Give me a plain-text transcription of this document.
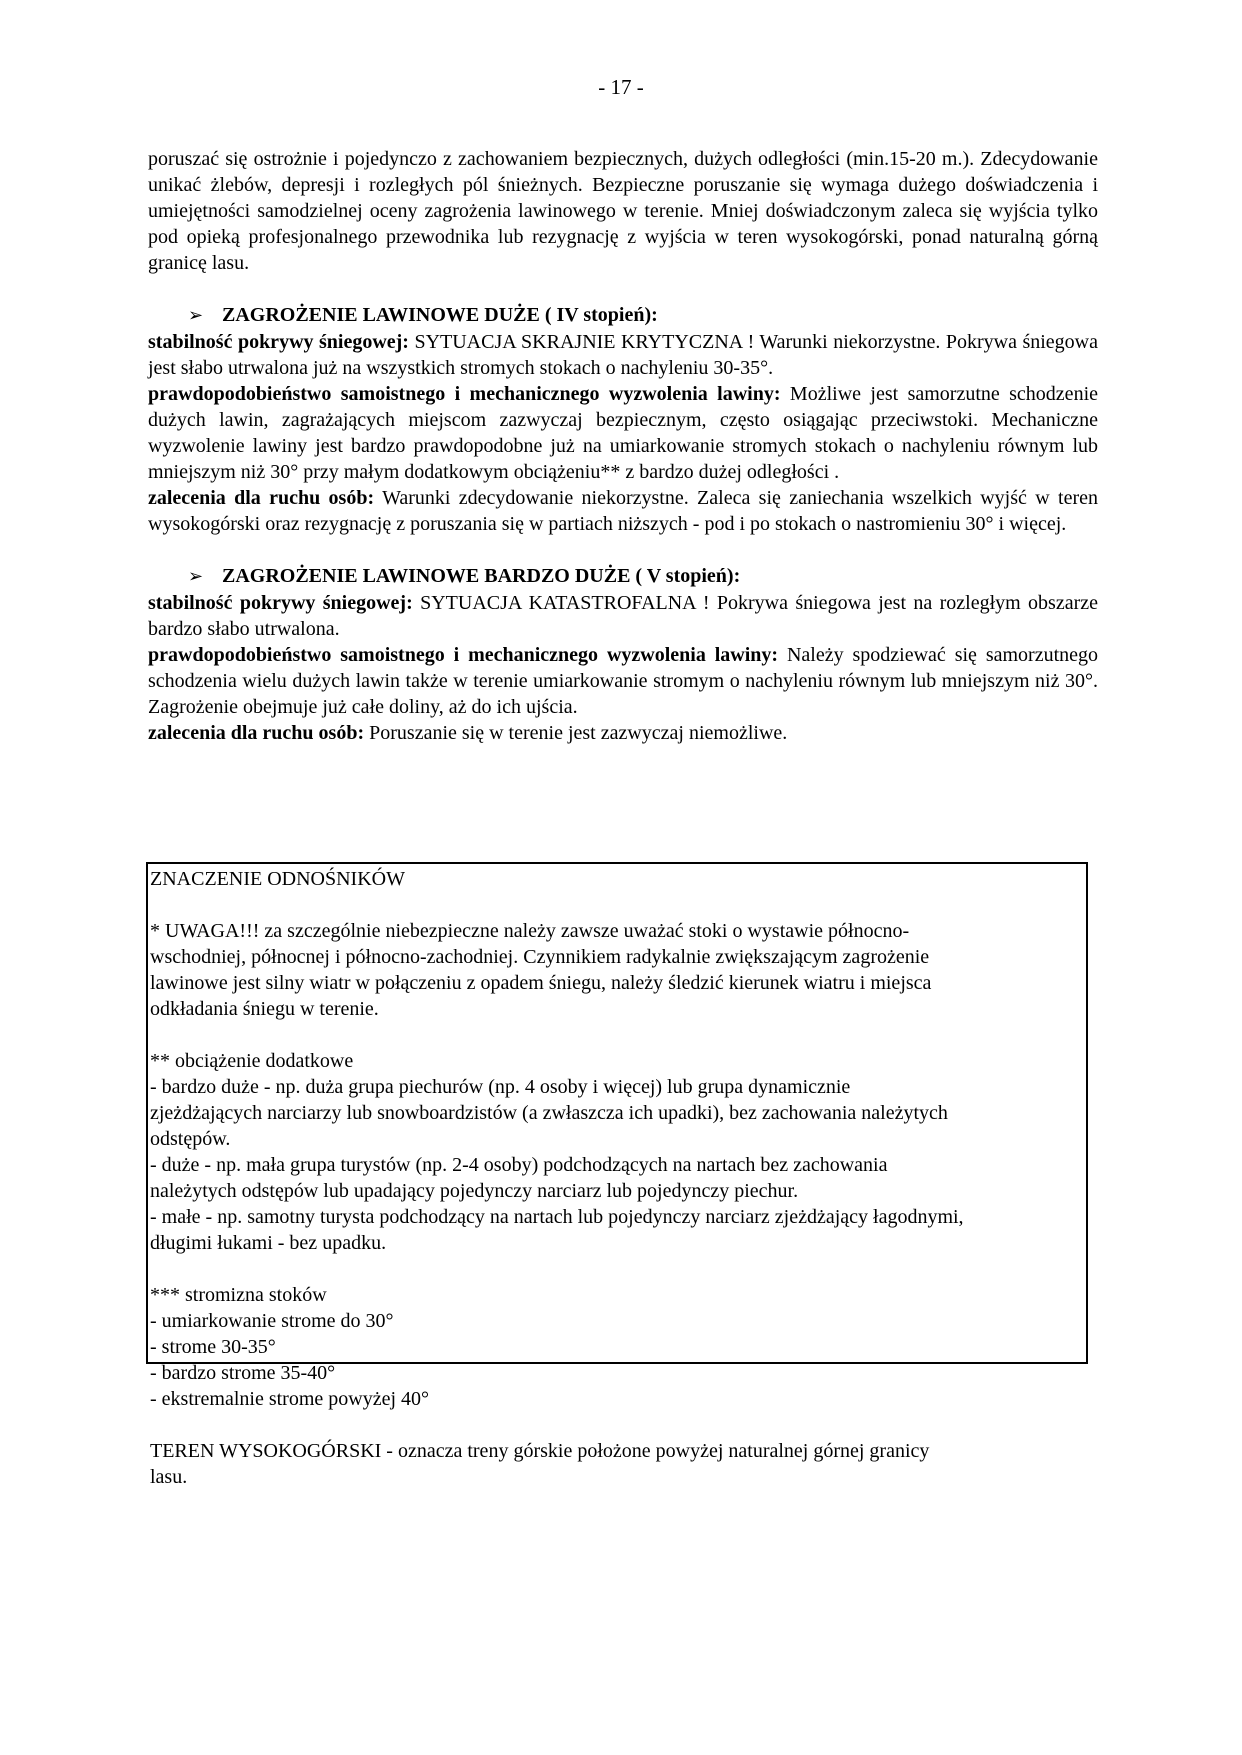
- 17 -

poruszać się ostrożnie i pojedynczo z zachowaniem bezpiecznych, dużych odległości (min.15-20 m.). Zdecydowanie unikać żlebów, depresji i rozległych pól śnieżnych. Bezpieczne poruszanie się wymaga dużego doświadczenia i umiejętności samodzielnej oceny zagrożenia lawinowego w terenie. Mniej doświadczonym zaleca się wyjścia tylko pod opieką profesjonalnego przewodnika lub rezygnację z wyjścia w teren wysokogórski, ponad naturalną górną granicę lasu.

➢ ZAGROŻENIE LAWINOWE DUŻE ( IV stopień):

stabilność pokrywy śniegowej: SYTUACJA SKRAJNIE KRYTYCZNA ! Warunki niekorzystne. Pokrywa śniegowa jest słabo utrwalona już na wszystkich stromych stokach o nachyleniu 30-35°.

prawdopodobieństwo samoistnego i mechanicznego wyzwolenia lawiny: Możliwe jest samorzutne schodzenie dużych lawin, zagrażających miejscom zazwyczaj bezpiecznym, często osiągając przeciwstoki. Mechaniczne wyzwolenie lawiny jest bardzo prawdopodobne już na umiarkowanie stromych stokach o nachyleniu równym lub mniejszym niż 30° przy małym dodatkowym obciążeniu** z bardzo dużej odległości .

zalecenia dla ruchu osób: Warunki zdecydowanie niekorzystne. Zaleca się zaniechania wszelkich wyjść w teren wysokogórski oraz rezygnację z poruszania się w partiach niższych - pod i po stokach o nastromieniu 30° i więcej.

➢ ZAGROŻENIE LAWINOWE BARDZO DUŻE ( V stopień):

stabilność pokrywy śniegowej: SYTUACJA KATASTROFALNA ! Pokrywa śniegowa jest na rozległym obszarze bardzo słabo utrwalona.

prawdopodobieństwo samoistnego i mechanicznego wyzwolenia lawiny: Należy spodziewać się samorzutnego schodzenia wielu dużych lawin także w terenie umiarkowanie stromym o nachyleniu równym lub mniejszym niż 30°. Zagrożenie obejmuje już całe doliny, aż do ich ujścia.

zalecenia dla ruchu osób: Poruszanie się w terenie jest zazwyczaj niemożliwe.

ZNACZENIE ODNOŚNIKÓW

* UWAGA!!! za szczególnie niebezpieczne należy zawsze uważać stoki o wystawie północno-

wschodniej, północnej i północno-zachodniej. Czynnikiem radykalnie zwiększającym zagrożenie

lawinowe jest silny wiatr w połączeniu z opadem śniegu, należy śledzić kierunek wiatru i miejsca

odkładania śniegu w terenie.

** obciążenie dodatkowe

- bardzo duże - np. duża grupa piechurów (np. 4 osoby i więcej) lub grupa dynamicznie

zjeżdżających narciarzy lub snowboardzistów (a zwłaszcza ich upadki), bez zachowania należytych

odstępów.

- duże - np. mała grupa turystów (np. 2-4 osoby) podchodzących na nartach bez zachowania

należytych odstępów lub upadający pojedynczy narciarz lub pojedynczy piechur.

- małe - np. samotny turysta podchodzący na nartach lub pojedynczy narciarz zjeżdżający łagodnymi,

długimi łukami - bez upadku.

*** stromizna stoków

- umiarkowanie strome do 30°

- strome 30-35°

- bardzo strome 35-40°

- ekstremalnie strome powyżej 40°

TEREN WYSOKOGÓRSKI - oznacza treny górskie położone powyżej naturalnej górnej granicy

lasu.
